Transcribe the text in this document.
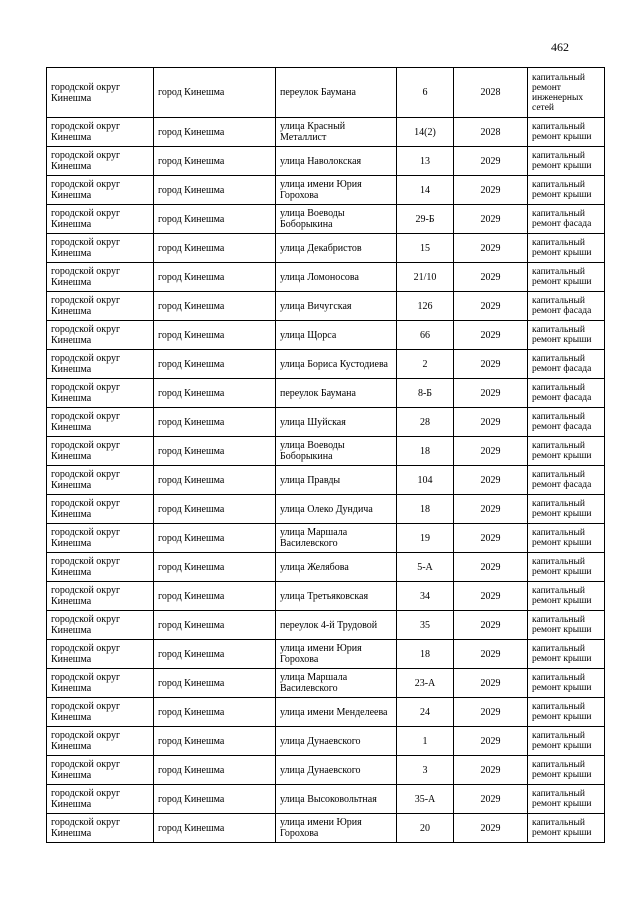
462
городской округ Кинешма	город Кинешма	переулок Баумана	6	2028	капитальный ремонт инженерных сетей
городской округ Кинешма	город Кинешма	улица Красный Металлист	14(2)	2028	капитальный ремонт крыши
городской округ Кинешма	город Кинешма	улица Наволокская	13	2029	капитальный ремонт крыши
городской округ Кинешма	город Кинешма	улица имени Юрия Горохова	14	2029	капитальный ремонт крыши
городской округ Кинешма	город Кинешма	улица Воеводы Боборыкина	29-Б	2029	капитальный ремонт фасада
городской округ Кинешма	город Кинешма	улица Декабристов	15	2029	капитальный ремонт крыши
городской округ Кинешма	город Кинешма	улица Ломоносова	21/10	2029	капитальный ремонт крыши
городской округ Кинешма	город Кинешма	улица Вичугская	126	2029	капитальный ремонт фасада
городской округ Кинешма	город Кинешма	улица Щорса	66	2029	капитальный ремонт крыши
городской округ Кинешма	город Кинешма	улица Бориса Кустодиева	2	2029	капитальный ремонт фасада
городской округ Кинешма	город Кинешма	переулок Баумана	8-Б	2029	капитальный ремонт фасада
городской округ Кинешма	город Кинешма	улица Шуйская	28	2029	капитальный ремонт фасада
городской округ Кинешма	город Кинешма	улица Воеводы Боборыкина	18	2029	капитальный ремонт крыши
городской округ Кинешма	город Кинешма	улица Правды	104	2029	капитальный ремонт фасада
городской округ Кинешма	город Кинешма	улица Олеко Дундича	18	2029	капитальный ремонт крыши
городской округ Кинешма	город Кинешма	улица Маршала Василевского	19	2029	капитальный ремонт крыши
городской округ Кинешма	город Кинешма	улица Желябова	5-А	2029	капитальный ремонт крыши
городской округ Кинешма	город Кинешма	улица Третьяковская	34	2029	капитальный ремонт крыши
городской округ Кинешма	город Кинешма	переулок 4-й Трудовой	35	2029	капитальный ремонт крыши
городской округ Кинешма	город Кинешма	улица имени Юрия Горохова	18	2029	капитальный ремонт крыши
городской округ Кинешма	город Кинешма	улица Маршала Василевского	23-А	2029	капитальный ремонт крыши
городской округ Кинешма	город Кинешма	улица имени Менделеева	24	2029	капитальный ремонт крыши
городской округ Кинешма	город Кинешма	улица Дунаевского	1	2029	капитальный ремонт крыши
городской округ Кинешма	город Кинешма	улица Дунаевского	3	2029	капитальный ремонт крыши
городской округ Кинешма	город Кинешма	улица Высоковольтная	35-А	2029	капитальный ремонт крыши
городской округ Кинешма	город Кинешма	улица имени Юрия Горохова	20	2029	капитальный ремонт крыши
